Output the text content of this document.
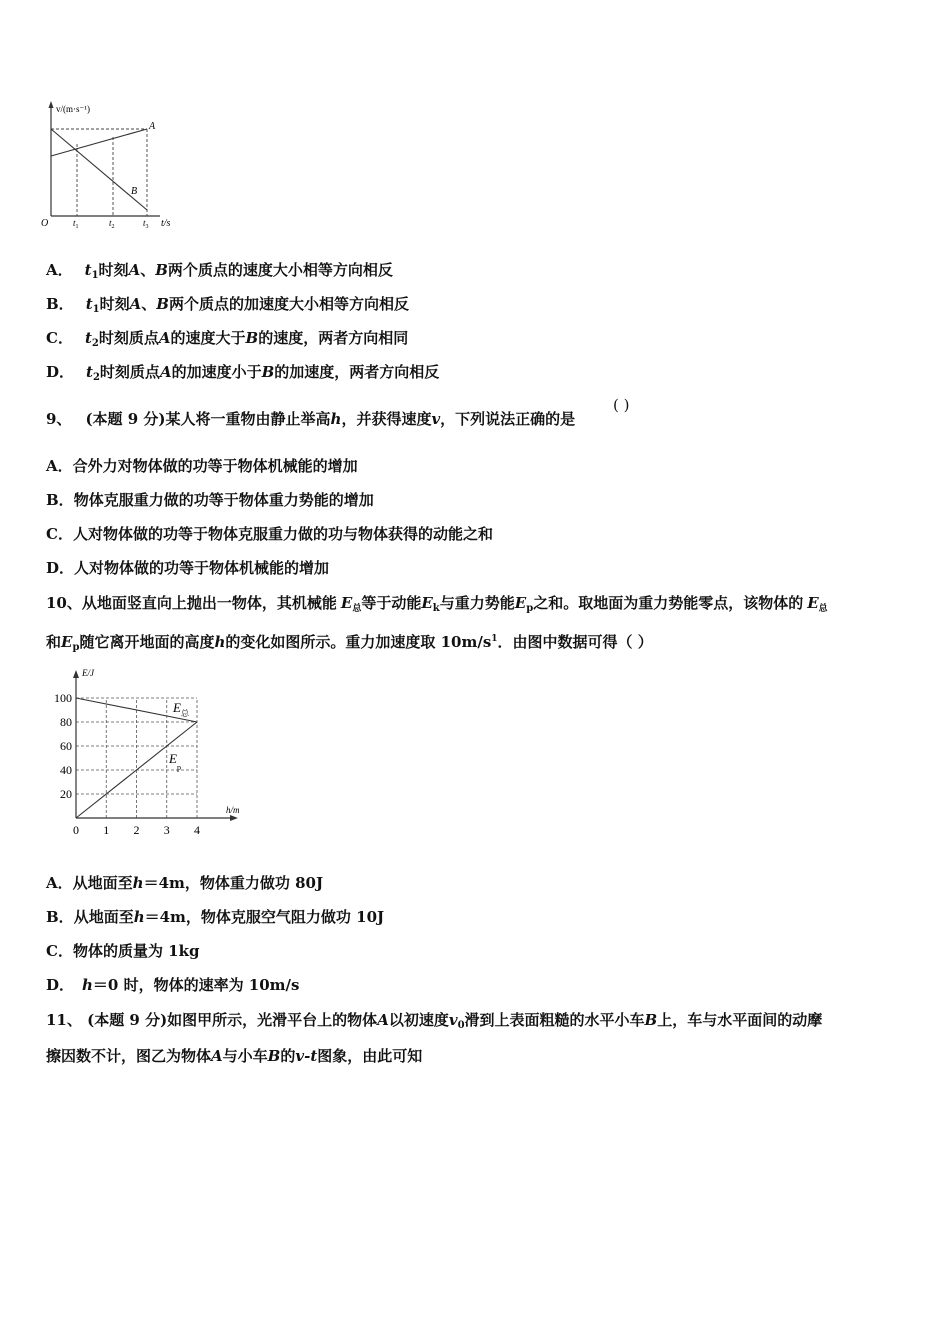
v/(m·s⁻¹)
O	t/s
A
B
$t_1$	$t_2$	$t_3$
A． $t_1$时刻A、B两个质点的速度大小相等方向相反
B． $t_1$时刻A、B两个质点的加速度大小相等方向相反
C． $t_2$时刻质点A的速度大于B的速度，两者方向相同
D． $t_2$时刻质点A的加速度小于B的加速度，两者方向相反
9、 (本题 9 分)某人将一重物由静止举高h，并获得速度v，下列说法正确的是
( )
A．合外力对物体做的功等于物体机械能的增加
B．物体克服重力做的功等于物体重力势能的增加
C．人对物体做的功等于物体克服重力做的功与物体获得的动能之和
D．人对物体做的功等于物体机械能的增加
10、从地面竖直向上抛出一物体，其机械能 $E_总$等于动能$E_k$与重力势能$E_p$之和。取地面为重力势能零点，该物体的 $E_总$
和$E_p$随它离开地面的高度h的变化如图所示。重力加速度取 $10m/s^1$．由图中数据可得（ ）
E/J
h/m
100
80
60
40
20
0 1 2 3 4
$E_总$
$E_p$
A．从地面至h＝4m，物体重力做功 80J
B．从地面至h＝4m，物体克服空气阻力做功 10J
C．物体的质量为 1kg
D． h＝0 时，物体的速率为 10m/s
11、 (本题 9 分)如图甲所示，光滑平台上的物体A以初速度$v_0$滑到上表面粗糙的水平小车B上，车与水平面间的动摩
擦因数不计，图乙为物体A与小车B的v-t图象，由此可知
